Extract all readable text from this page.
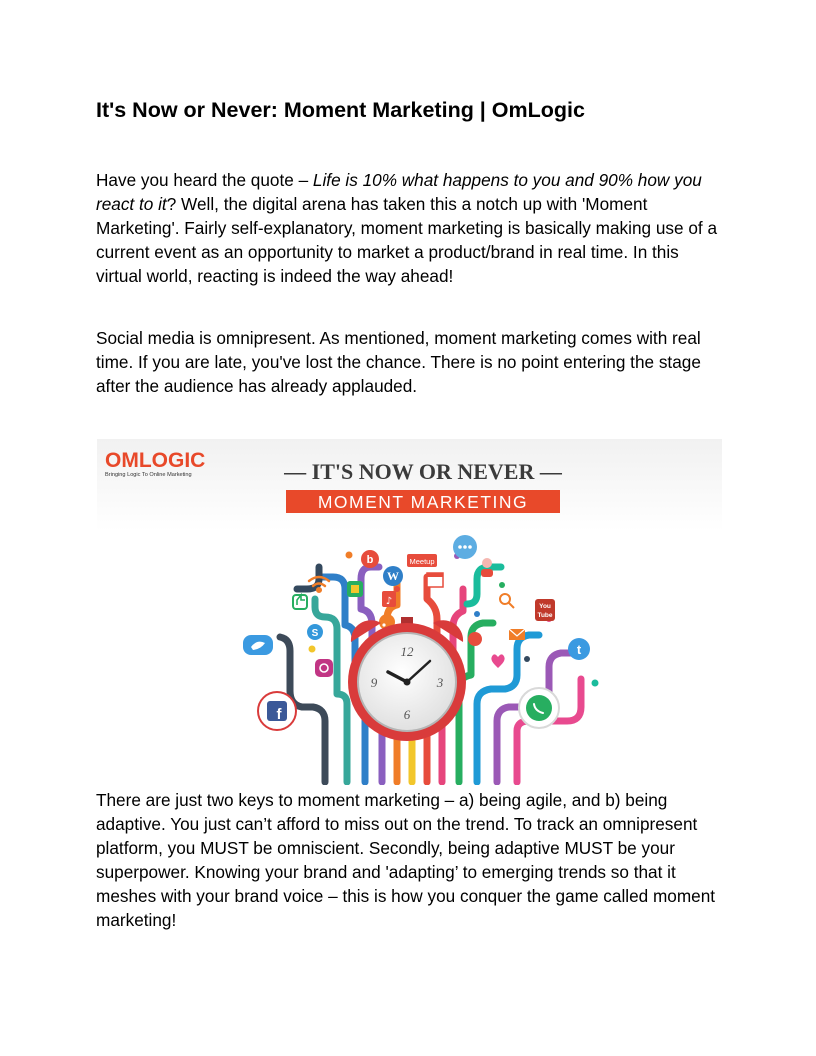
It's Now or Never: Moment Marketing | OmLogic

Have you heard the quote – Life is 10% what happens to you and 90% how you react to it? Well, the digital arena has taken this a notch up with 'Moment Marketing'. Fairly self-explanatory, moment marketing is basically making use of a current event as an opportunity to market a product/brand in real time. In this virtual world, reacting is indeed the way ahead!

Social media is omnipresent. As mentioned, moment marketing comes with real time. If you are late, you've lost the chance. There is no point entering the stage after the audience has already applauded.

OMLOGIC
Bringing Logic To Online Marketing	— IT'S NOW OR NEVER —
MOMENT MARKETING
b
W
Meetup
♪	You
Tube
S
t
f
12
3
6
9

There are just two keys to moment marketing – a) being agile, and b) being adaptive. You just can’t afford to miss out on the trend. To track an omnipresent platform, you MUST be omniscient. Secondly, being adaptive MUST be your superpower. Knowing your brand and 'adapting’ to emerging trends so that it meshes with your brand voice – this is how you conquer the game called moment marketing!
